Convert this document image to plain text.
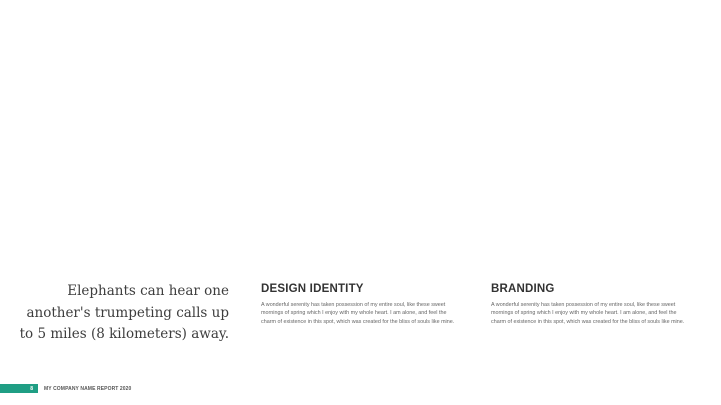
Elephants can hear one another's trumpeting calls up to 5 miles (8 kilometers) away.
DESIGN IDENTITY

A wonderful serenity has taken possession of my entire soul, like these sweet mornings of spring which I enjoy with my whole heart. I am alone, and feel the charm of existence in this spot, which was created for the bliss of souls like mine.

BRANDING

A wonderful serenity has taken possession of my entire soul, like these sweet mornings of spring which I enjoy with my whole heart. I am alone, and feel the charm of existence in this spot, which was created for the bliss of souls like mine.

8 MY COMPANY NAME REPORT 2020
